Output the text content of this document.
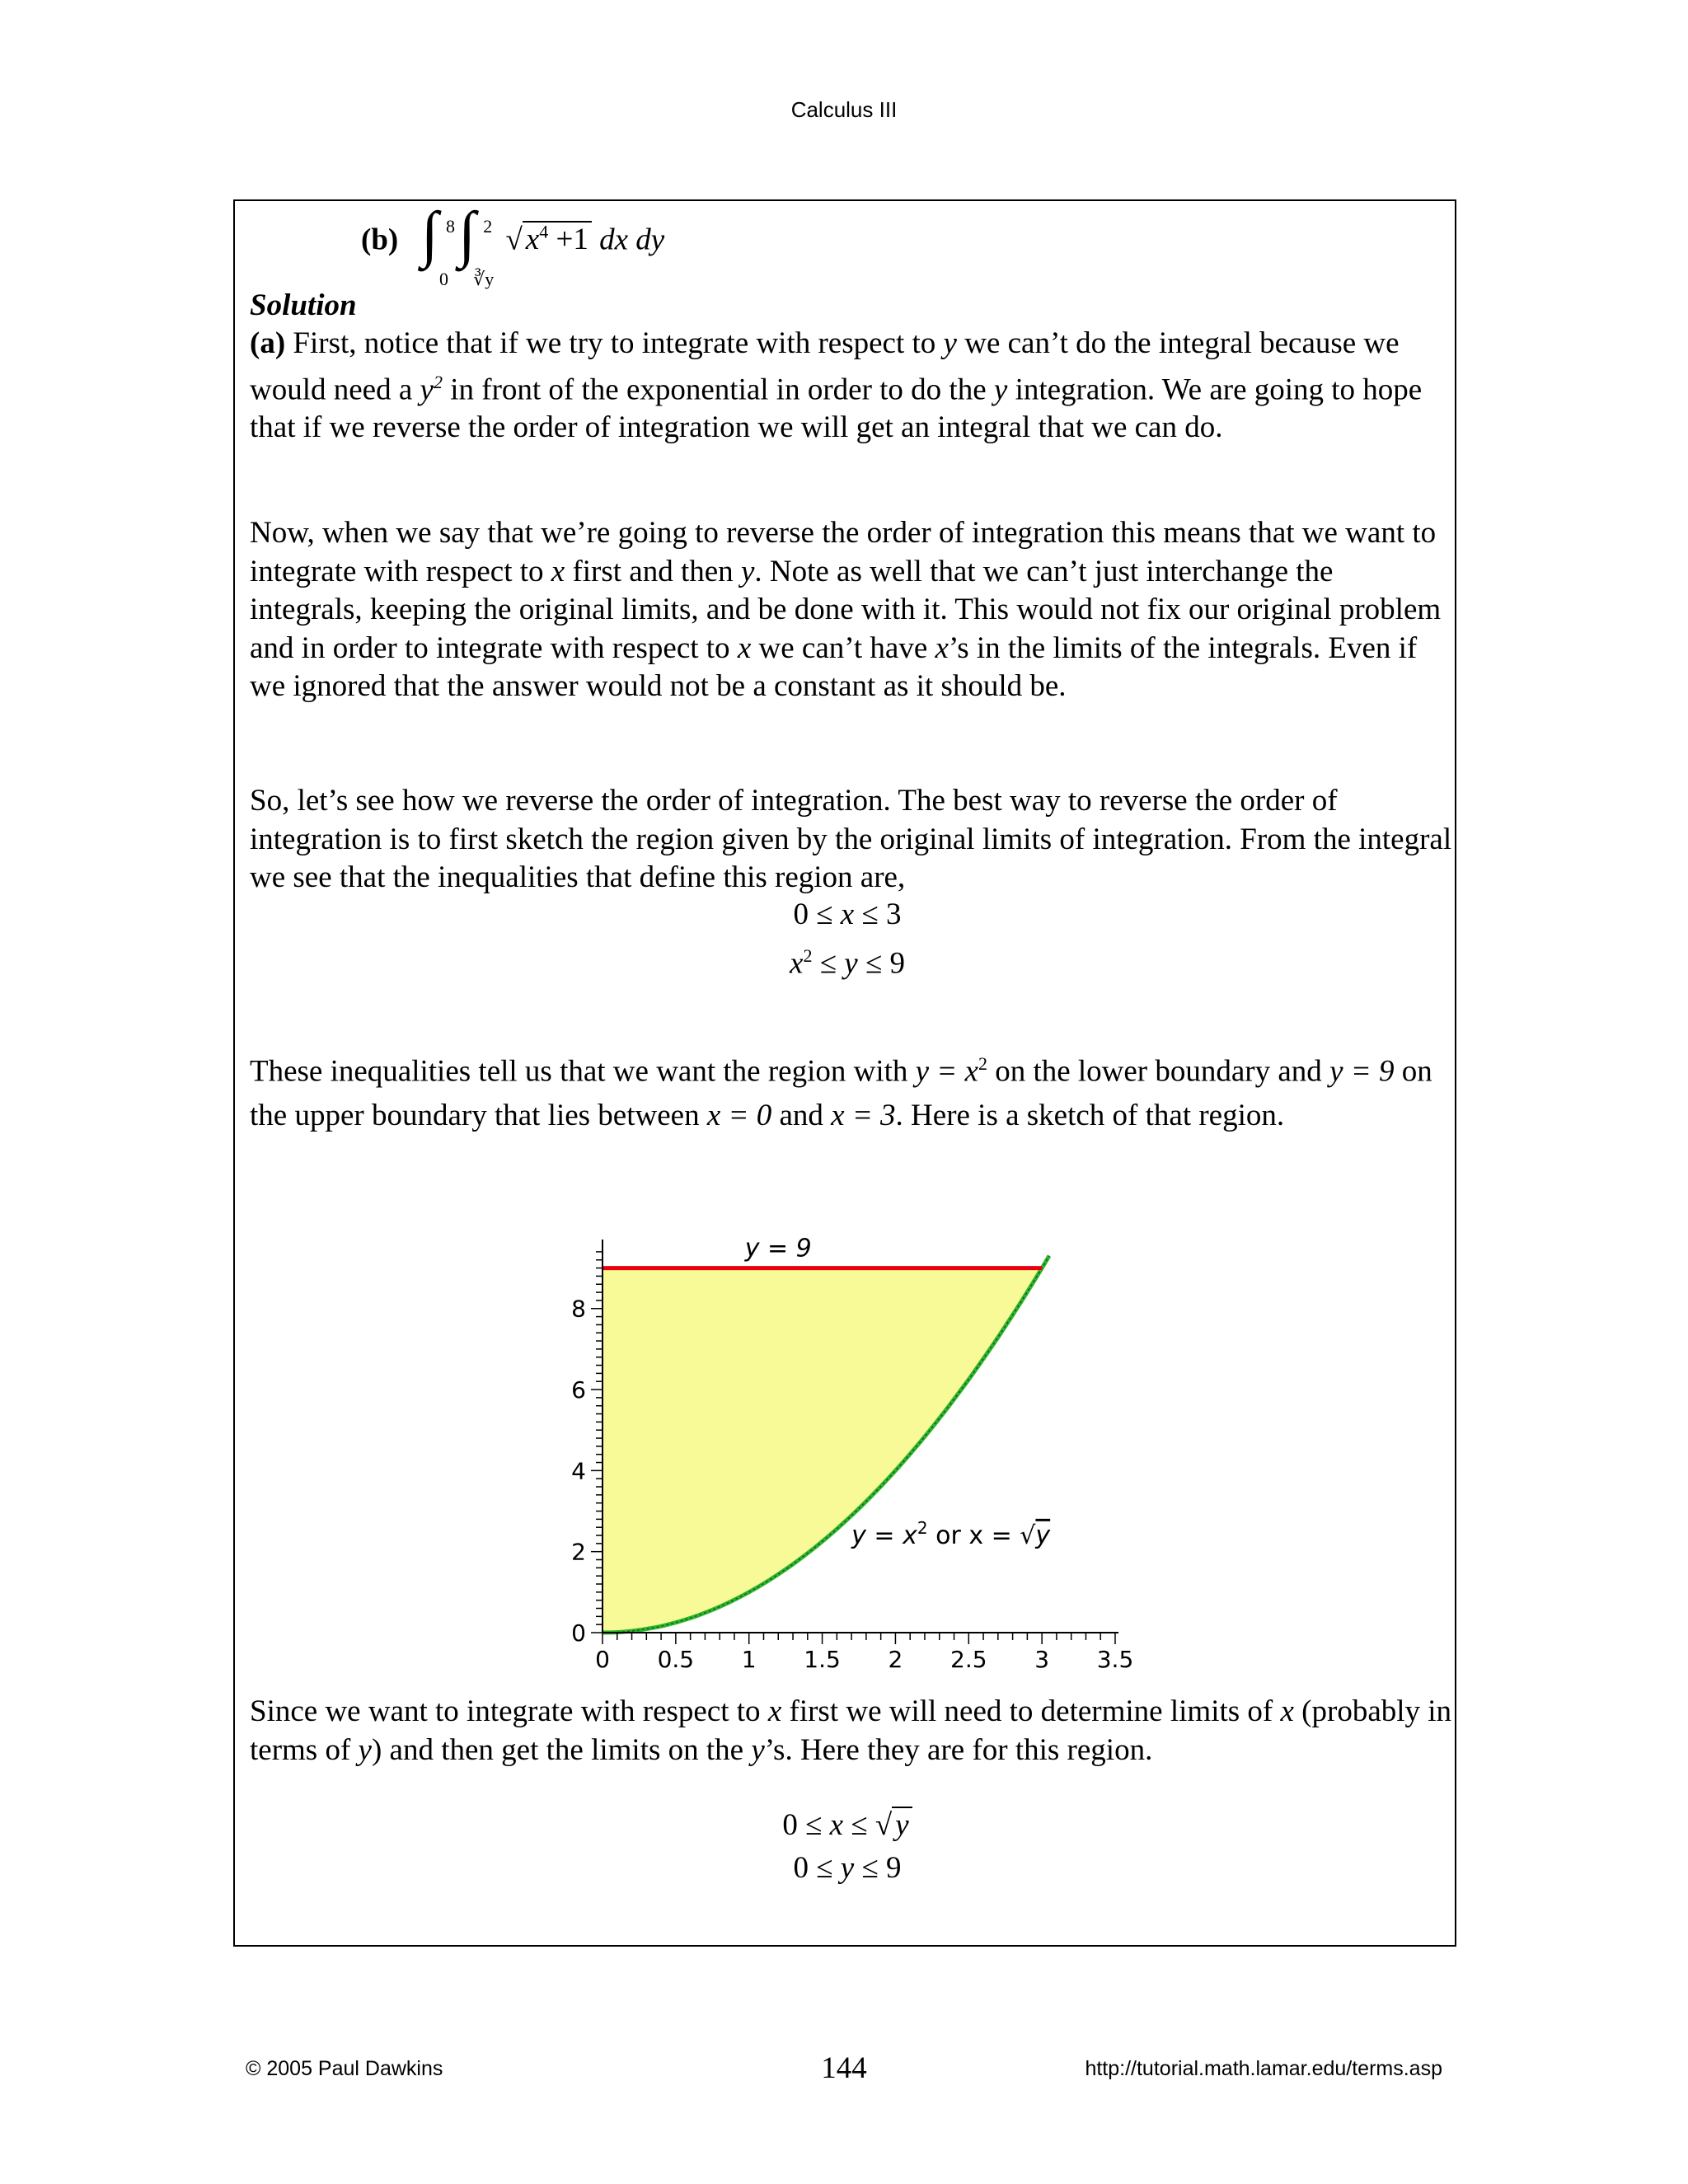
Calculus III
(b) ∫ 8
0

∫ 2
∛y
√ $x^4 +1$ dx dy

Solution

(a) First, notice that if we try to integrate with respect to y we can’t do the integral because we would need a $y^2$ in front of the exponential in order to do the y integration. We are going to hope that if we reverse the order of integration we will get an integral that we can do.

Now, when we say that we’re going to reverse the order of integration this means that we want to integrate with respect to x first and then y. Note as well that we can’t just interchange the integrals, keeping the original limits, and be done with it. This would not fix our original problem and in order to integrate with respect to x we can’t have x’s in the limits of the integrals. Even if we ignored that the answer would not be a constant as it should be.

So, let’s see how we reverse the order of integration. The best way to reverse the order of integration is to first sketch the region given by the original limits of integration. From the integral we see that the inequalities that define this region are,

0 ≤ x ≤ 3
$x^2 \le y \le 9$

These inequalities tell us that we want the region with $y = x^2$ on the lower boundary and y = 9 on the upper boundary that lies between x = 0 and x = 3. Here is a sketch of that region.

0 0.5 1 1.5 2 2.5 3 3.5
0
2
4
6
8
y = 9
$y = x^2$ or x = √y

Since we want to integrate with respect to x first we will need to determine limits of x (probably in terms of y) and then get the limits on the y’s. Here they are for this region.

0 ≤ x ≤ √ y
0 ≤ y ≤ 9
© 2005 Paul Dawkins	144	http://tutorial.math.lamar.edu/terms.asp
